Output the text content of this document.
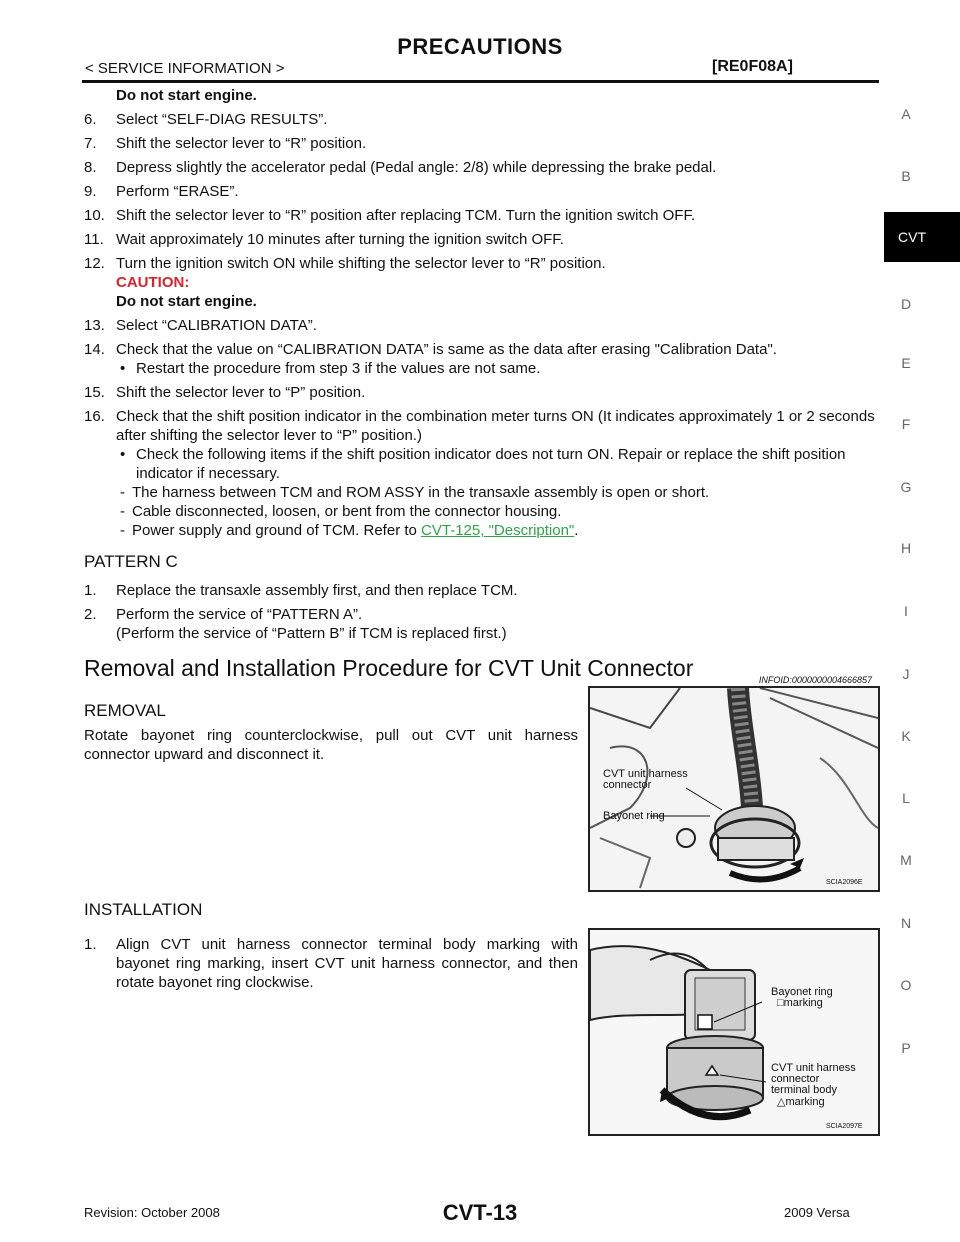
PRECAUTIONS
< SERVICE INFORMATION >	[RE0F08A]
A
B
CVT
D
E
F
G
H
I
J
K
L
M
N
O
P
Do not start engine.
6. Select “SELF-DIAG RESULTS”.
7. Shift the selector lever to “R” position.
8. Depress slightly the accelerator pedal (Pedal angle: 2/8) while depressing the brake pedal.
9. Perform “ERASE”.
10. Shift the selector lever to “R” position after replacing TCM. Turn the ignition switch OFF.
11. Wait approximately 10 minutes after turning the ignition switch OFF.
12. Turn the ignition switch ON while shifting the selector lever to “R” position.
CAUTION:
Do not start engine.
13. Select “CALIBRATION DATA”.
14. Check that the value on “CALIBRATION DATA” is same as the data after erasing "Calibration Data".
• Restart the procedure from step 3 if the values are not same.
15. Shift the selector lever to “P” position.
16. Check that the shift position indicator in the combination meter turns ON (It indicates approximately 1 or 2 seconds after shifting the selector lever to “P” position.)
• Check the following items if the shift position indicator does not turn ON. Repair or replace the shift position indicator if necessary.
- The harness between TCM and ROM ASSY in the transaxle assembly is open or short.
- Cable disconnected, loosen, or bent from the connector housing.
- Power supply and ground of TCM. Refer to CVT-125, "Description".
PATTERN C
1. Replace the transaxle assembly first, and then replace TCM.
2. Perform the service of “PATTERN A”.
(Perform the service of “Pattern B” if TCM is replaced first.)
Removal and Installation Procedure for CVT Unit Connector	INFOID:0000000004666857
REMOVAL

Rotate bayonet ring counterclockwise, pull out CVT unit harness connector upward and disconnect it.

CVT unit harness
connector
Bayonet ring
SCIA2096E
INSTALLATION
1.	Align CVT unit harness connector terminal body marking with bayonet ring marking, insert CVT unit harness connector, and then rotate bayonet ring clockwise.
Bayonet ring
□marking
CVT unit harness
connector
terminal body
△marking
SCIA2097E
Revision: October 2008	CVT-13	2009 Versa
